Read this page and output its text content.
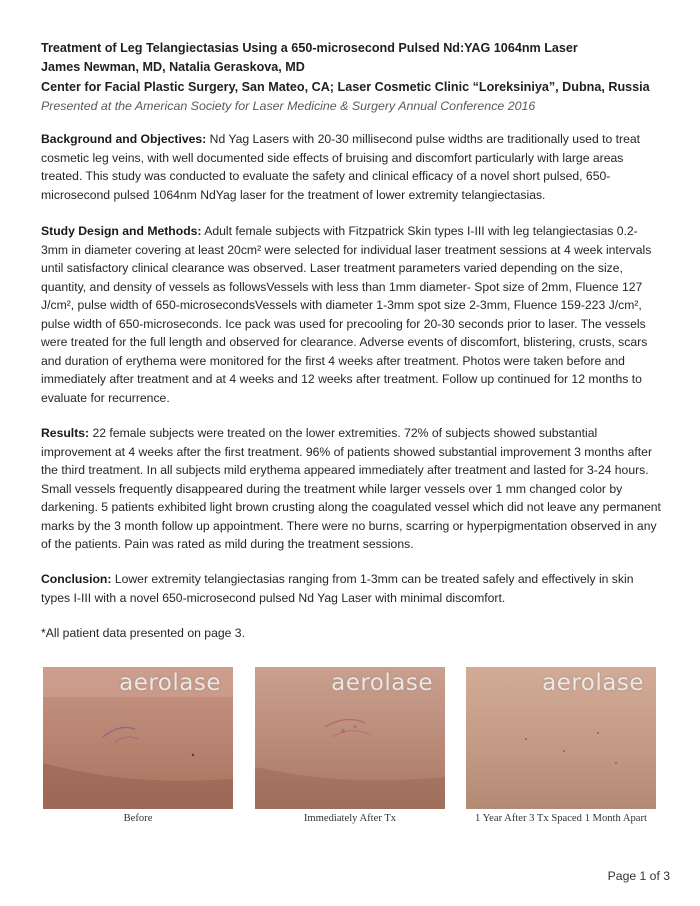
Treatment of Leg Telangiectasias Using a 650-microsecond Pulsed Nd:YAG 1064nm Laser
James Newman, MD, Natalia Geraskova, MD
Center for Facial Plastic Surgery, San Mateo, CA; Laser Cosmetic Clinic “Loreksiniya”, Dubna, Russia
Presented at the American Society for Laser Medicine & Surgery Annual Conference 2016

Background and Objectives: Nd Yag Lasers with 20-30 millisecond pulse widths are traditionally used to treat cosmetic leg veins, with well documented side effects of bruising and discomfort particularly with large areas treated. This study was conducted to evaluate the safety and clinical efficacy of a novel short pulsed, 650-microsecond pulsed 1064nm NdYag laser for the treatment of lower extremity telangiectasias.

Study Design and Methods: Adult female subjects with Fitzpatrick Skin types I-III with leg telangiectasias 0.2-3mm in diameter covering at least 20cm² were selected for individual laser treatment sessions at 4 week intervals until satisfactory clinical clearance was observed. Laser treatment parameters varied depending on the size, quantity, and density of vessels as followsVessels with less than 1mm diameter- Spot size of 2mm, Fluence 127 J/cm², pulse width of 650-microsecondsVessels with diameter 1-3mm spot size 2-3mm, Fluence 159-223 J/cm², pulse width of 650-microseconds. Ice pack was used for precooling for 20-30 seconds prior to laser. The vessels were treated for the full length and observed for clearance. Adverse events of discomfort, blistering, crusts, scars and duration of erythema were monitored for the first 4 weeks after treatment. Photos were taken before and immediately after treatment and at 4 weeks and 12 weeks after treatment. Follow up continued for 12 months to evaluate for recurrence.

Results: 22 female subjects were treated on the lower extremities. 72% of subjects showed substantial improvement at 4 weeks after the first treatment. 96% of patients showed substantial improvement 3 months after the third treatment. In all subjects mild erythema appeared immediately after treatment and lasted for 3-24 hours. Small vessels frequently disappeared during the treatment while larger vessels over 1 mm changed color by darkening. 5 patients exhibited light brown crusting along the coagulated vessel which did not leave any permanent marks by the 3 month follow up appointment. There were no burns, scarring or hyperpigmentation observed in any of the patients. Pain was rated as mild during the treatment sessions.

Conclusion: Lower extremity telangiectasias ranging from 1-3mm can be treated safely and effectively in skin types I-III with a novel 650-microsecond pulsed Nd Yag Laser with minimal discomfort.

*All patient data presented on page 3.
aerolase	aerolase	aerolase
Before	Immediately After Tx	1 Year After 3 Tx Spaced 1 Month Apart
Page 1 of 3
